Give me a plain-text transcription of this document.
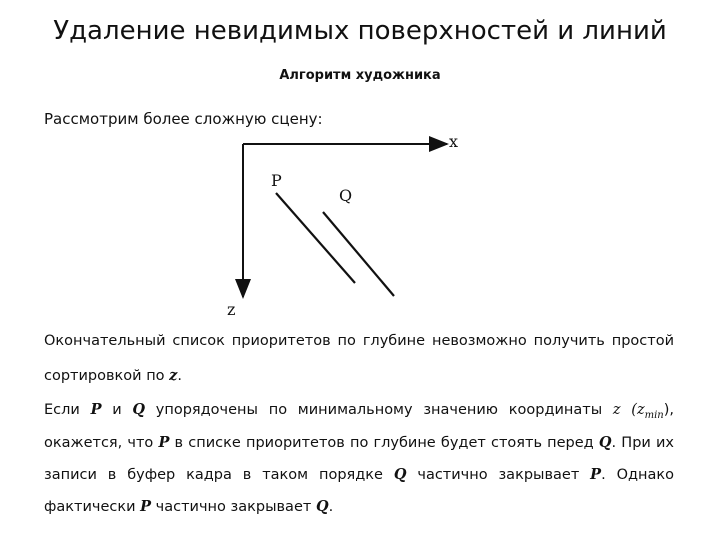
Удаление невидимых поверхностей и линий
Алгоритм художника
Рассмотрим более сложную сцену:
x
z
P
Q

Окончательный список приоритетов по глубине невозможно получить простой

сортировкой по z.

Если P и Q упорядочены по минимальному значению координаты z $(z_{min})$,

окажется, что P в списке приоритетов по глубине будет стоять перед Q. При их

записи в буфер кадра в таком порядке Q частично закрывает P. Однако

фактически P частично закрывает Q.
